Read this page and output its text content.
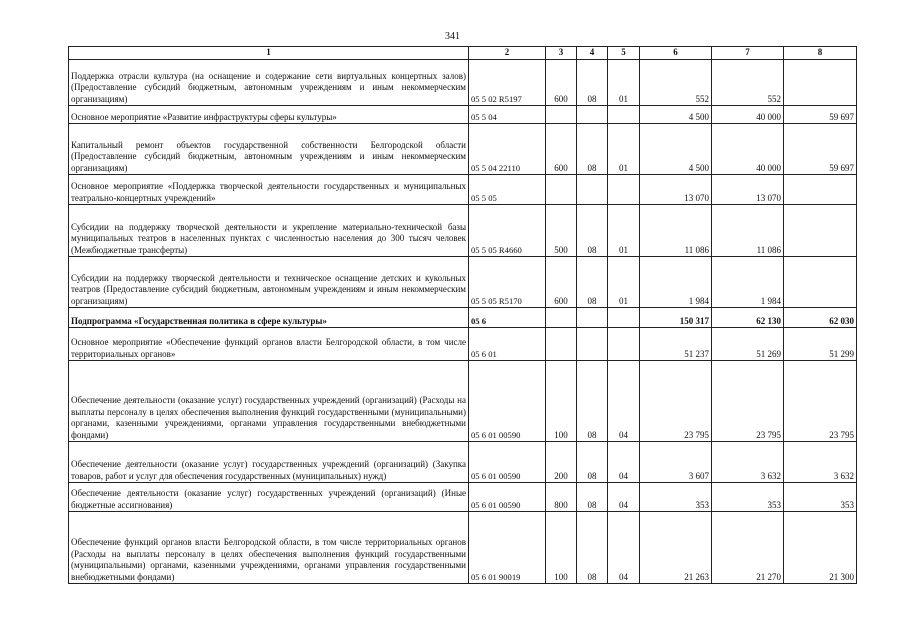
341
1	2	3	4	5	6	7	8
Поддержка отрасли культура (на оснащение и содержание сети виртуальных концертных залов) (Предоставление субсидий бюджетным, автономным учреждениям и иным некоммерческим организациям)	05 5 02 R5197	600	08	01	552	552	
Основное мероприятие «Развитие инфраструктуры сферы культуры»	05 5 04				4 500	40 000	59 697
Капитальный ремонт объектов государственной собственности Белгородской области (Предоставление субсидий бюджетным, автономным учреждениям и иным некоммерческим организациям)	05 5 04 22110	600	08	01	4 500	40 000	59 697
Основное мероприятие «Поддержка творческой деятельности государственных и муниципальных театрально-концертных учреждений»	05 5 05				13 070	13 070	
Субсидии на поддержку творческой деятельности и укрепление материально-технической базы муниципальных театров в населенных пунктах с численностью населения до 300 тысяч человек (Межбюджетные трансферты)	05 5 05 R4660	500	08	01	11 086	11 086	
Субсидии на поддержку творческой деятельности и техническое оснащение детских и кукольных театров (Предоставление субсидий бюджетным, автономным учреждениям и иным некоммерческим организациям)	05 5 05 R5170	600	08	01	1 984	1 984	
Подпрограмма «Государственная политика в сфере культуры»	05 6				150 317	62 130	62 030
Основное мероприятие «Обеспечение функций органов власти Белгородской области, в том числе территориальных органов»	05 6 01				51 237	51 269	51 299
Обеспечение деятельности (оказание услуг) государственных учреждений (организаций) (Расходы на выплаты персоналу в целях обеспечения выполнения функций государственными (муниципальными) органами, казенными учреждениями, органами управления государственными внебюджетными фондами)	05 6 01 00590	100	08	04	23 795	23 795	23 795
Обеспечение деятельности (оказание услуг) государственных учреждений (организаций) (Закупка товаров, работ и услуг для обеспечения государственных (муниципальных) нужд)	05 6 01 00590	200	08	04	3 607	3 632	3 632
Обеспечение деятельности (оказание услуг) государственных учреждений (организаций) (Иные бюджетные ассигнования)	05 6 01 00590	800	08	04	353	353	353
Обеспечение функций органов власти Белгородской области, в том числе территориальных органов (Расходы на выплаты персоналу в целях обеспечения выполнения функций государственными (муниципальными) органами, казенными учреждениями, органами управления государственными внебюджетными фондами)	05 6 01 90019	100	08	04	21 263	21 270	21 300
